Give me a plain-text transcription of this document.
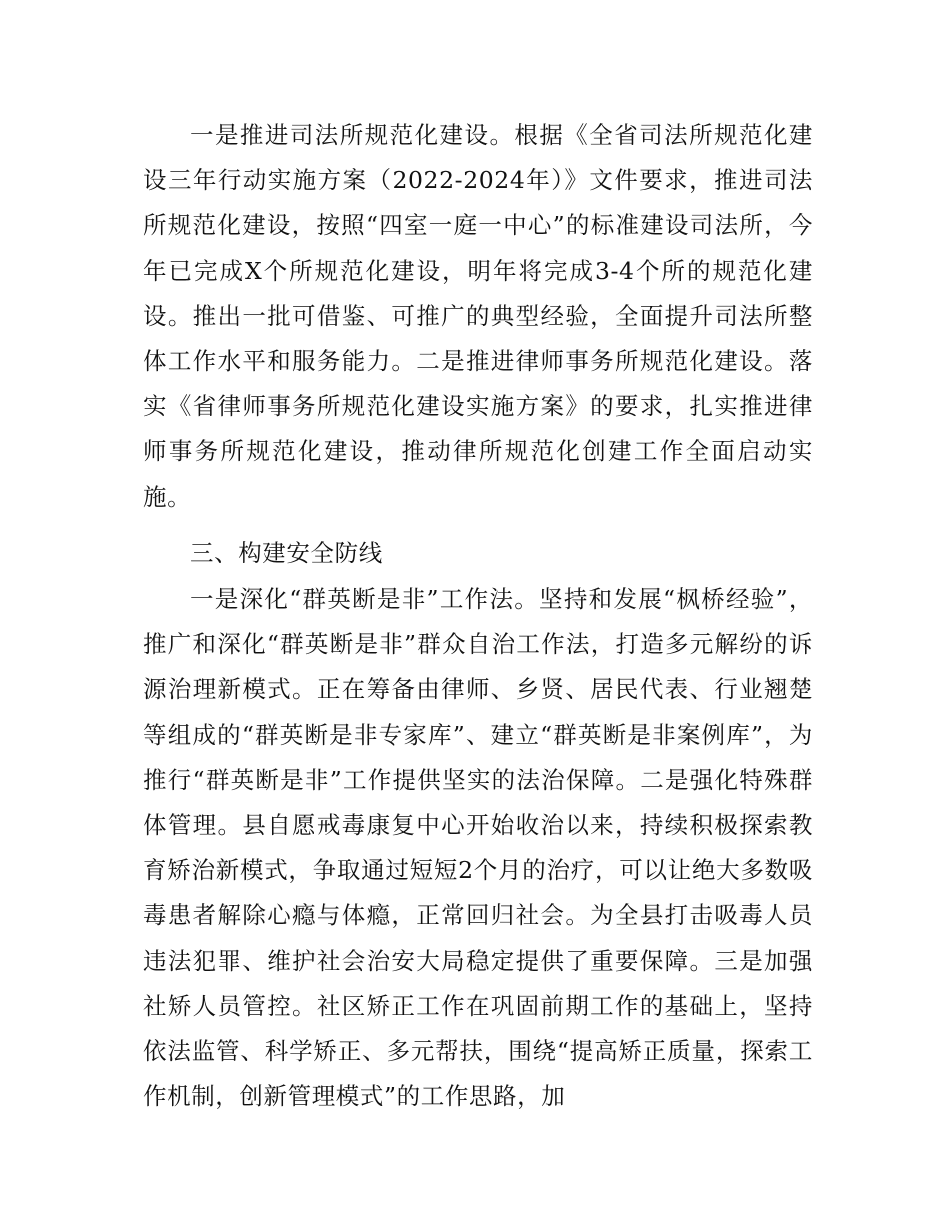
一是推进司法所规范化建设。根据《全省司法所规范化建设三年行动实施方案（2022-2024年）》文件要求，推进司法所规范化建设，按照“四室一庭一中心”的标准建设司法所，今年已完成X个所规范化建设，明年将完成3-4个所的规范化建设。推出一批可借鉴、可推广的典型经验，全面提升司法所整体工作水平和服务能力。二是推进律师事务所规范化建设。落实《省律师事务所规范化建设实施方案》的要求，扎实推进律师事务所规范化建设，推动律所规范化创建工作全面启动实施。

三、构建安全防线

一是深化“群英断是非”工作法。坚持和发展“枫桥经验”，推广和深化“群英断是非”群众自治工作法，打造多元解纷的诉源治理新模式。正在筹备由律师、乡贤、居民代表、行业翘楚等组成的“群英断是非专家库”、建立“群英断是非案例库”，为推行“群英断是非”工作提供坚实的法治保障。二是强化特殊群体管理。县自愿戒毒康复中心开始收治以来，持续积极探索教育矫治新模式，争取通过短短2个月的治疗，可以让绝大多数吸毒患者解除心瘾与体瘾，正常回归社会。为全县打击吸毒人员违法犯罪、维护社会治安大局稳定提供了重要保障。三是加强社矫人员管控。社区矫正工作在巩固前期工作的基础上，坚持依法监管、科学矫正、多元帮扶，围绕“提高矫正质量，探索工作机制，创新管理模式”的工作思路，加
